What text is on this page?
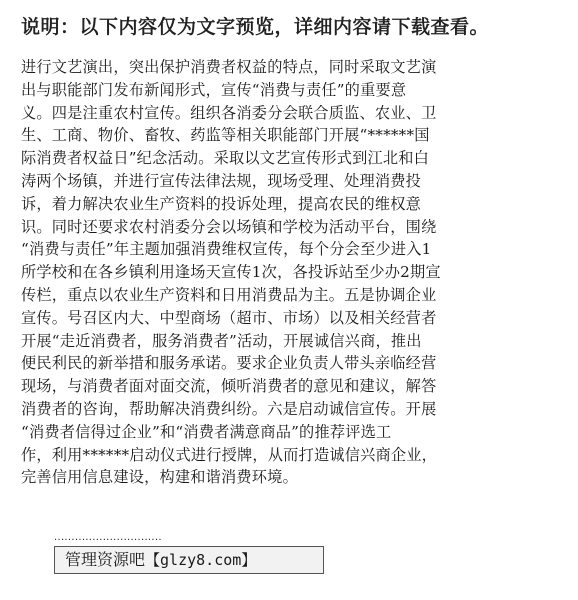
说明：以下内容仅为文字预览，详细内容请下载查看。
进行文艺演出，突出保护消费者权益的特点，同时采取文艺演
出与职能部门发布新闻形式，宣传“消费与责任”的重要意
义。四是注重农村宣传。组织各消委分会联合质监、农业、卫
生、工商、物价、畜牧、药监等相关职能部门开展“******国
际消费者权益日”纪念活动。采取以文艺宣传形式到江北和白
涛两个场镇，并进行宣传法律法规，现场受理、处理消费投
诉，着力解决农业生产资料的投诉处理，提高农民的维权意
识。同时还要求农村消委分会以场镇和学校为活动平台，围绕
“消费与责任”年主题加强消费维权宣传，每个分会至少进入1
所学校和在各乡镇利用逢场天宣传1次，各投诉站至少办2期宣
传栏，重点以农业生产资料和日用消费品为主。五是协调企业
宣传。号召区内大、中型商场（超市、市场）以及相关经营者
开展“走近消费者，服务消费者”活动，开展诚信兴商，推出
便民利民的新举措和服务承诺。要求企业负责人带头亲临经营
现场，与消费者面对面交流，倾听消费者的意见和建议，解答
消费者的咨询，帮助解决消费纠纷。六是启动诚信宣传。开展
“消费者信得过企业”和“消费者满意商品”的推荐评选工
作，利用******启动仪式进行授牌，从而打造诚信兴商企业，
完善信用信息建设，构建和谐消费环境。
·······························
管理资源吧【glzy8.com】
